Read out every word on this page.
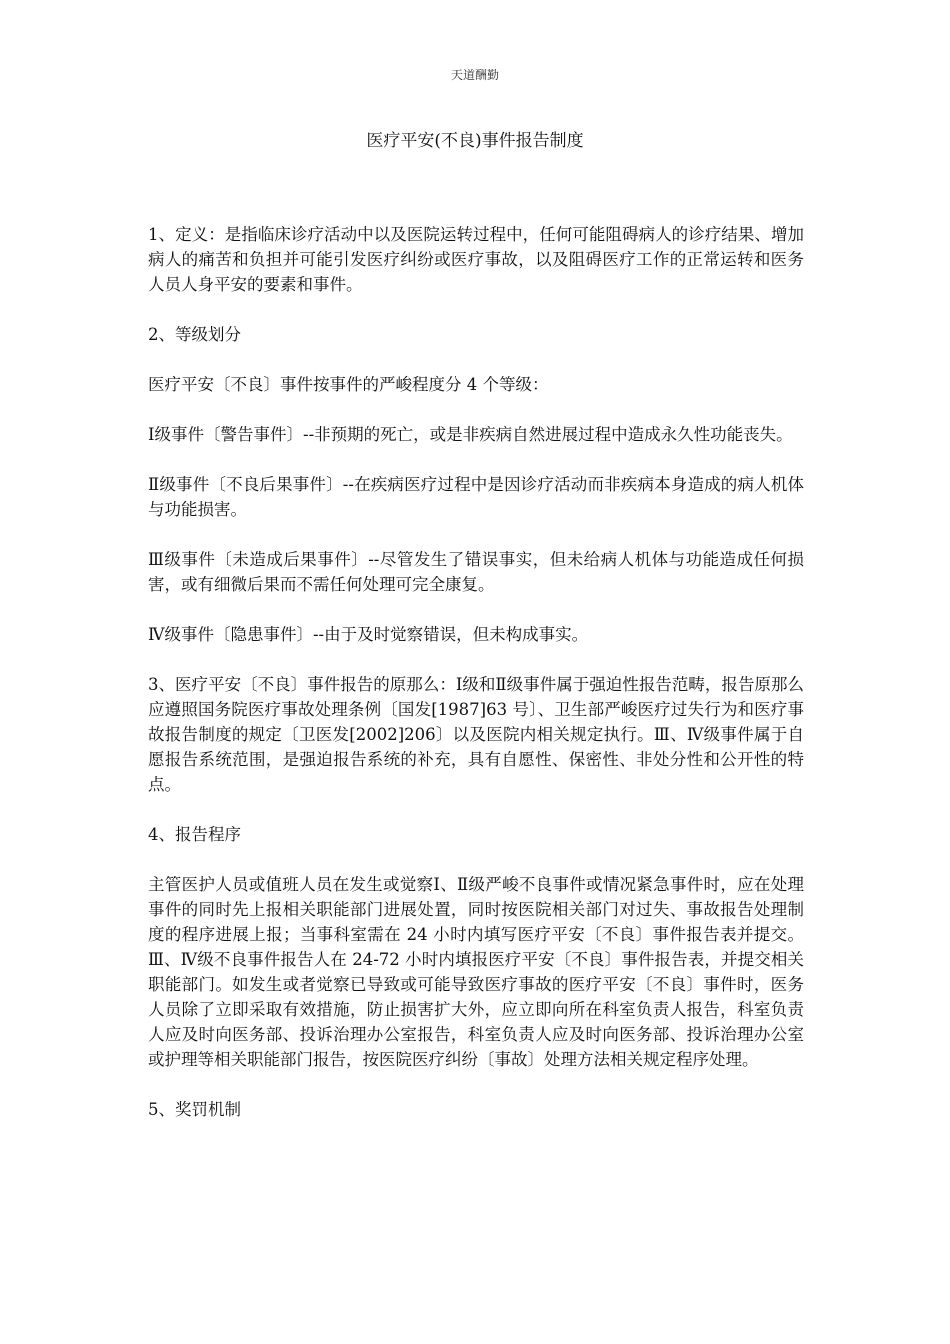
天道酬勤
医疗平安(不良)事件报告制度

1、定义：是指临床诊疗活动中以及医院运转过程中，任何可能阻碍病人的诊疗结果、增加病人的痛苦和负担并可能引发医疗纠纷或医疗事故，以及阻碍医疗工作的正常运转和医务人员人身平安的要素和事件。

2、等级划分

医疗平安〔不良〕事件按事件的严峻程度分 4 个等级：

Ⅰ级事件〔警告事件〕--非预期的死亡，或是非疾病自然进展过程中造成永久性功能丧失。

Ⅱ级事件〔不良后果事件〕--在疾病医疗过程中是因诊疗活动而非疾病本身造成的病人机体与功能损害。

Ⅲ级事件〔未造成后果事件〕--尽管发生了错误事实，但未给病人机体与功能造成任何损害，或有细微后果而不需任何处理可完全康复。

Ⅳ级事件〔隐患事件〕--由于及时觉察错误，但未构成事实。

3、医疗平安〔不良〕事件报告的原那么：Ⅰ级和Ⅱ级事件属于强迫性报告范畴，报告原那么应遵照国务院医疗事故处理条例〔国发[1987]63 号〕、卫生部严峻医疗过失行为和医疗事故报告制度的规定〔卫医发[2002]206〕以及医院内相关规定执行。Ⅲ、Ⅳ级事件属于自愿报告系统范围，是强迫报告系统的补充，具有自愿性、保密性、非处分性和公开性的特点。

4、报告程序

主管医护人员或值班人员在发生或觉察Ⅰ、Ⅱ级严峻不良事件或情况紧急事件时，应在处理事件的同时先上报相关职能部门进展处置，同时按医院相关部门对过失、事故报告处理制度的程序进展上报；当事科室需在 24 小时内填写医疗平安〔不良〕事件报告表并提交。Ⅲ、Ⅳ级不良事件报告人在 24-72 小时内填报医疗平安〔不良〕事件报告表，并提交相关职能部门。如发生或者觉察已导致或可能导致医疗事故的医疗平安〔不良〕事件时，医务人员除了立即采取有效措施，防止损害扩大外，应立即向所在科室负责人报告，科室负责人应及时向医务部、投诉治理办公室报告，科室负责人应及时向医务部、投诉治理办公室或护理等相关职能部门报告，按医院医疗纠纷〔事故〕处理方法相关规定程序处理。

5、奖罚机制
